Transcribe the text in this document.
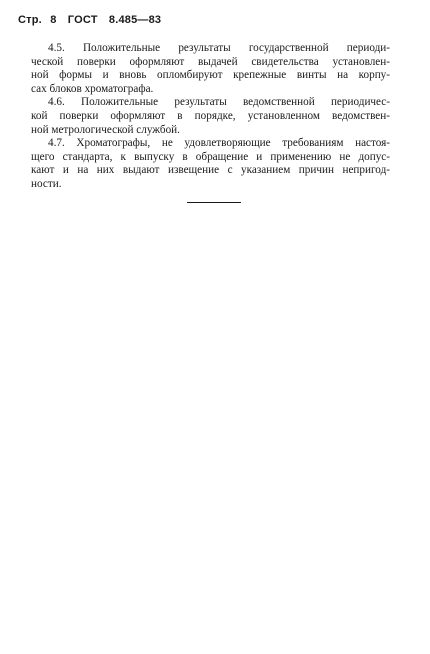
Стр. 8 ГОСТ 8.485—83
4.5. Положительные результаты государственной периоди-
ческой поверки оформляют выдачей свидетельства установлен-
ной формы и вновь опломбируют крепежные винты на корпу-
сах блоков хроматографа.
4.6. Положительные результаты ведомственной периодичес-
кой поверки оформляют в порядке, установленном ведомствен-
ной метрологической службой.
4.7. Хроматографы, не удовлетворяющие требованиям настоя-
щего стандарта, к выпуску в обращение и применению не допус-
кают и на них выдают извещение с указанием причин непригод-
ности.
